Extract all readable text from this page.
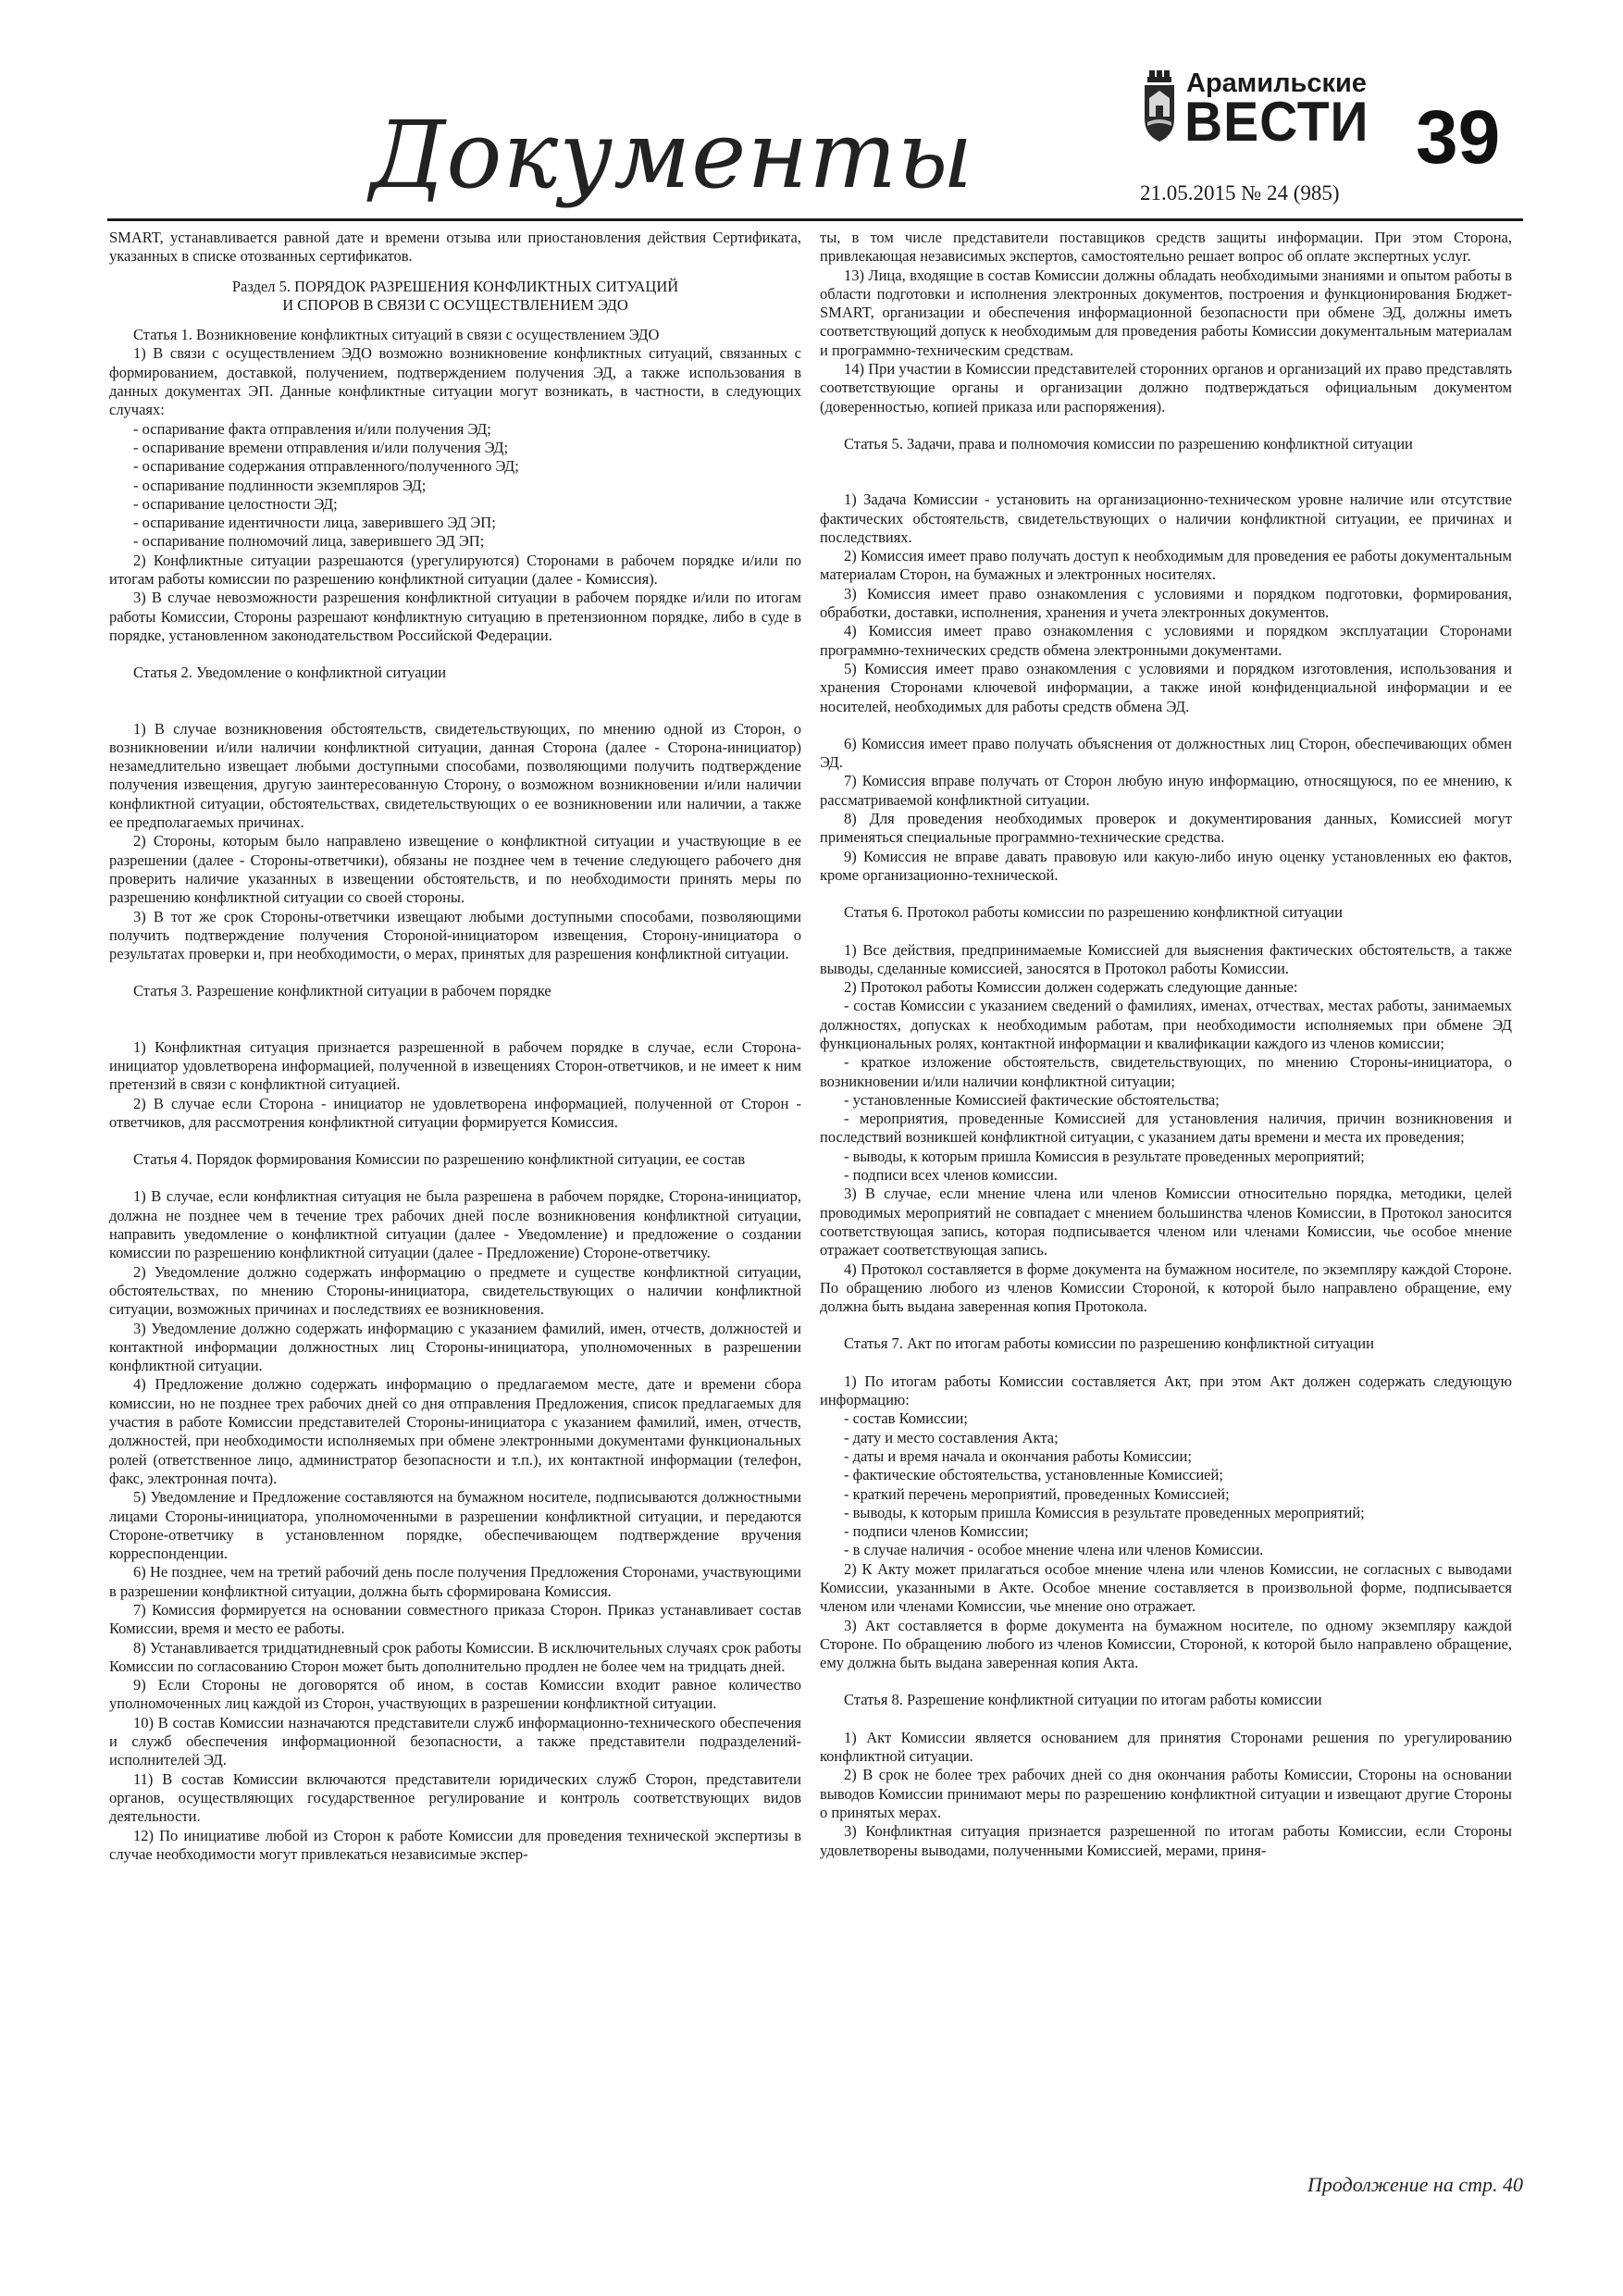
Документы
Арамильские
ВЕСТИ
21.05.2015 № 24 (985)
39

SMART, устанавливается равной дате и времени отзыва или приостановления действия Сертификата, указанных в списке отозванных сертификатов.

Раздел 5. ПОРЯДОК РАЗРЕШЕНИЯ КОНФЛИКТНЫХ СИТУАЦИЙ
И СПОРОВ В СВЯЗИ С ОСУЩЕСТВЛЕНИЕМ ЭДО

Статья 1. Возникновение конфликтных ситуаций в связи с осуществлением ЭДО

1) В связи с осуществлением ЭДО возможно возникновение конфликтных ситуаций, связанных с формированием, доставкой, получением, подтверждением получения ЭД, а также использования в данных документах ЭП. Данные конфликтные ситуации могут возникать, в частности, в следующих случаях:

- оспаривание факта отправления и/или получения ЭД;

- оспаривание времени отправления и/или получения ЭД;

- оспаривание содержания отправленного/полученного ЭД;

- оспаривание подлинности экземпляров ЭД;

- оспаривание целостности ЭД;

- оспаривание идентичности лица, заверившего ЭД ЭП;

- оспаривание полномочий лица, заверившего ЭД ЭП;

2) Конфликтные ситуации разрешаются (урегулируются) Сторонами в рабочем порядке и/или по итогам работы комиссии по разрешению конфликтной ситуации (далее - Комиссия).

3) В случае невозможности разрешения конфликтной ситуации в рабочем порядке и/или по итогам работы Комиссии, Стороны разрешают конфликтную ситуацию в претензионном порядке, либо в суде в порядке, установленном законодательством Российской Федерации.

Статья 2. Уведомление о конфликтной ситуации

1) В случае возникновения обстоятельств, свидетельствующих, по мнению одной из Сторон, о возникновении и/или наличии конфликтной ситуации, данная Сторона (далее - Сторона-инициатор) незамедлительно извещает любыми доступными способами, позволяющими получить подтверждение получения извещения, другую заинтересованную Сторону, о возможном возникновении и/или наличии конфликтной ситуации, обстоятельствах, свидетельствующих о ее возникновении или наличии, а также ее предполагаемых причинах.

2) Стороны, которым было направлено извещение о конфликтной ситуации и участвующие в ее разрешении (далее - Стороны-ответчики), обязаны не позднее чем в течение следующего рабочего дня проверить наличие указанных в извещении обстоятельств, и по необходимости принять меры по разрешению конфликтной ситуации со своей стороны.

3) В тот же срок Стороны-ответчики извещают любыми доступными способами, позволяющими получить подтверждение получения Стороной-инициатором извещения, Сторону-инициатора о результатах проверки и, при необходимости, о мерах, принятых для разрешения конфликтной ситуации.

Статья 3. Разрешение конфликтной ситуации в рабочем порядке

1) Конфликтная ситуация признается разрешенной в рабочем порядке в случае, если Сторона-инициатор удовлетворена информацией, полученной в извещениях Сторон-ответчиков, и не имеет к ним претензий в связи с конфликтной ситуацией.

2) В случае если Сторона - инициатор не удовлетворена информацией, полученной от Сторон - ответчиков, для рассмотрения конфликтной ситуации формируется Комиссия.

Статья 4. Порядок формирования Комиссии по разрешению конфликтной ситуации, ее состав

1) В случае, если конфликтная ситуация не была разрешена в рабочем порядке, Сторона-инициатор, должна не позднее чем в течение трех рабочих дней после возникновения конфликтной ситуации, направить уведомление о конфликтной ситуации (далее - Уведомление) и предложение о создании комиссии по разрешению конфликтной ситуации (далее - Предложение) Стороне-ответчику.

2) Уведомление должно содержать информацию о предмете и существе конфликтной ситуации, обстоятельствах, по мнению Стороны-инициатора, свидетельствующих о наличии конфликтной ситуации, возможных причинах и последствиях ее возникновения.

3) Уведомление должно содержать информацию с указанием фамилий, имен, отчеств, должностей и контактной информации должностных лиц Стороны-инициатора, уполномоченных в разрешении конфликтной ситуации.

4) Предложение должно содержать информацию о предлагаемом месте, дате и времени сбора комиссии, но не позднее трех рабочих дней со дня отправления Предложения, список предлагаемых для участия в работе Комиссии представителей Стороны-инициатора с указанием фамилий, имен, отчеств, должностей, при необходимости исполняемых при обмене электронными документами функциональных ролей (ответственное лицо, администратор безопасности и т.п.), их контактной информации (телефон, факс, электронная почта).

5) Уведомление и Предложение составляются на бумажном носителе, подписываются должностными лицами Стороны-инициатора, уполномоченными в разрешении конфликтной ситуации, и передаются Стороне-ответчику в установленном порядке, обеспечивающем подтверждение вручения корреспонденции.

6) Не позднее, чем на третий рабочий день после получения Предложения Сторонами, участвующими в разрешении конфликтной ситуации, должна быть сформирована Комиссия.

7) Комиссия формируется на основании совместного приказа Сторон. Приказ устанавливает состав Комиссии, время и место ее работы.

8) Устанавливается тридцатидневный срок работы Комиссии. В исключительных случаях срок работы Комиссии по согласованию Сторон может быть дополнительно продлен не более чем на тридцать дней.

9) Если Стороны не договорятся об ином, в состав Комиссии входит равное количество уполномоченных лиц каждой из Сторон, участвующих в разрешении конфликтной ситуации.

10) В состав Комиссии назначаются представители служб информационно-технического обеспечения и служб обеспечения информационной безопасности, а также представители подразделений-исполнителей ЭД.

11) В состав Комиссии включаются представители юридических служб Сторон, представители органов, осуществляющих государственное регулирование и контроль соответствующих видов деятельности.

12) По инициативе любой из Сторон к работе Комиссии для проведения технической экспертизы в случае необходимости могут привлекаться независимые экспер-

ты, в том числе представители поставщиков средств защиты информации. При этом Сторона, привлекающая независимых экспертов, самостоятельно решает вопрос об оплате экспертных услуг.

13) Лица, входящие в состав Комиссии должны обладать необходимыми знаниями и опытом работы в области подготовки и исполнения электронных документов, построения и функционирования Бюджет- SMART, организации и обеспечения информационной безопасности при обмене ЭД, должны иметь соответствующий допуск к необходимым для проведения работы Комиссии документальным материалам и программно-техническим средствам.

14) При участии в Комиссии представителей сторонних органов и организаций их право представлять соответствующие органы и организации должно подтверждаться официальным документом (доверенностью, копией приказа или распоряжения).

Статья 5. Задачи, права и полномочия комиссии по разрешению конфликтной ситуации

1) Задача Комиссии - установить на организационно-техническом уровне наличие или отсутствие фактических обстоятельств, свидетельствующих о наличии конфликтной ситуации, ее причинах и последствиях.

2) Комиссия имеет право получать доступ к необходимым для проведения ее работы документальным материалам Сторон, на бумажных и электронных носителях.

3) Комиссия имеет право ознакомления с условиями и порядком подготовки, формирования, обработки, доставки, исполнения, хранения и учета электронных документов.

4) Комиссия имеет право ознакомления с условиями и порядком эксплуатации Сторонами программно-технических средств обмена электронными документами.

5) Комиссия имеет право ознакомления с условиями и порядком изготовления, использования и хранения Сторонами ключевой информации, а также иной конфиденциальной информации и ее носителей, необходимых для работы средств обмена ЭД.

6) Комиссия имеет право получать объяснения от должностных лиц Сторон, обеспечивающих обмен ЭД.

7) Комиссия вправе получать от Сторон любую иную информацию, относящуюся, по ее мнению, к рассматриваемой конфликтной ситуации.

8) Для проведения необходимых проверок и документирования данных, Комиссией могут применяться специальные программно-технические средства.

9) Комиссия не вправе давать правовую или какую-либо иную оценку установленных ею фактов, кроме организационно-технической.

Статья 6. Протокол работы комиссии по разрешению конфликтной ситуации

1) Все действия, предпринимаемые Комиссией для выяснения фактических обстоятельств, а также выводы, сделанные комиссией, заносятся в Протокол работы Комиссии.

2) Протокол работы Комиссии должен содержать следующие данные:

- состав Комиссии с указанием сведений о фамилиях, именах, отчествах, местах работы, занимаемых должностях, допусках к необходимым работам, при необходимости исполняемых при обмене ЭД функциональных ролях, контактной информации и квалификации каждого из членов комиссии;

- краткое изложение обстоятельств, свидетельствующих, по мнению Стороны-инициатора, о возникновении и/или наличии конфликтной ситуации;

- установленные Комиссией фактические обстоятельства;

- мероприятия, проведенные Комиссией для установления наличия, причин возникновения и последствий возникшей конфликтной ситуации, с указанием даты времени и места их проведения;

- выводы, к которым пришла Комиссия в результате проведенных мероприятий;

- подписи всех членов комиссии.

3) В случае, если мнение члена или членов Комиссии относительно порядка, методики, целей проводимых мероприятий не совпадает с мнением большинства членов Комиссии, в Протокол заносится соответствующая запись, которая подписывается членом или членами Комиссии, чье особое мнение отражает соответствующая запись.

4) Протокол составляется в форме документа на бумажном носителе, по экземпляру каждой Стороне. По обращению любого из членов Комиссии Стороной, к которой было направлено обращение, ему должна быть выдана заверенная копия Протокола.

Статья 7. Акт по итогам работы комиссии по разрешению конфликтной ситуации

1) По итогам работы Комиссии составляется Акт, при этом Акт должен содержать следующую информацию:

- состав Комиссии;

- дату и место составления Акта;

- даты и время начала и окончания работы Комиссии;

- фактические обстоятельства, установленные Комиссией;

- краткий перечень мероприятий, проведенных Комиссией;

- выводы, к которым пришла Комиссия в результате проведенных мероприятий;

- подписи членов Комиссии;

- в случае наличия - особое мнение члена или членов Комиссии.

2) К Акту может прилагаться особое мнение члена или членов Комиссии, не согласных с выводами Комиссии, указанными в Акте. Особое мнение составляется в произвольной форме, подписывается членом или членами Комиссии, чье мнение оно отражает.

3) Акт составляется в форме документа на бумажном носителе, по одному экземпляру каждой Стороне. По обращению любого из членов Комиссии, Стороной, к которой было направлено обращение, ему должна быть выдана заверенная копия Акта.

Статья 8. Разрешение конфликтной ситуации по итогам работы комиссии

1) Акт Комиссии является основанием для принятия Сторонами решения по урегулированию конфликтной ситуации.

2) В срок не более трех рабочих дней со дня окончания работы Комиссии, Стороны на основании выводов Комиссии принимают меры по разрешению конфликтной ситуации и извещают другие Стороны о принятых мерах.

3) Конфликтная ситуация признается разрешенной по итогам работы Комиссии, если Стороны удовлетворены выводами, полученными Комиссией, мерами, приня-

Продолжение на стр. 40
